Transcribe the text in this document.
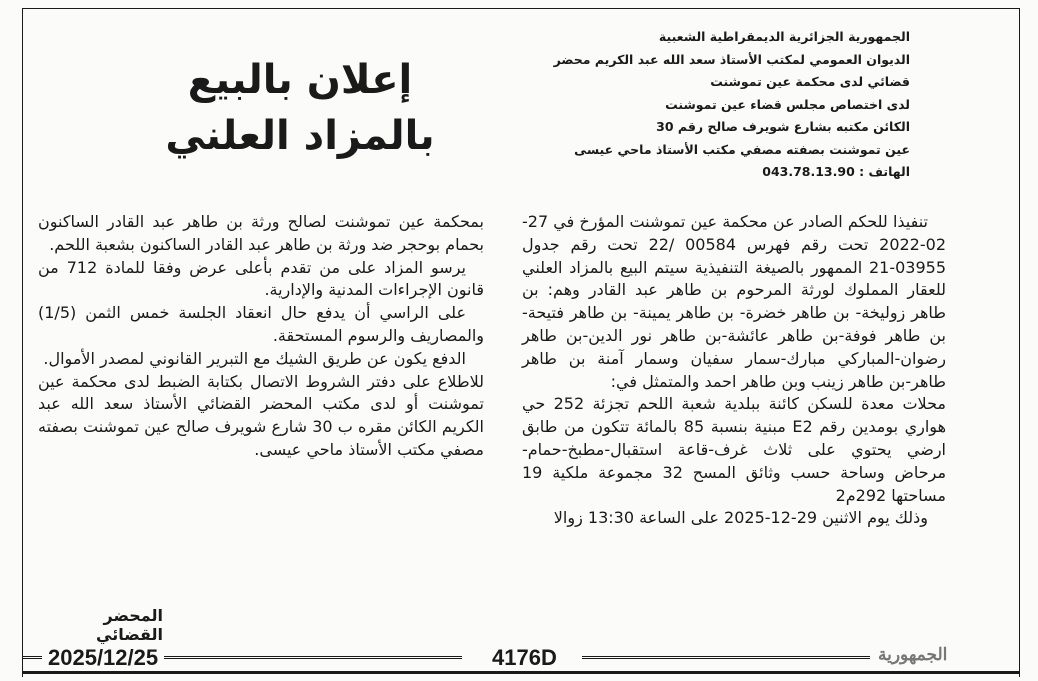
الجمهورية الجزائرية الديمقراطية الشعبية
الديوان العمومي لمكتب الأستاذ سعد الله عبد الكريم محضر
قضائي لدى محكمة عين تموشنت
لدى اختصاص مجلس قضاء عين تموشنت
الكائن مكتبه بشارع شويرف صالح رقم 30
عين تموشنت بصفته مصفي مكتب الأستاذ ماحي عيسى
الهاتف : 043.78.13.90
إعلان بالبيع
بالمزاد العلني

تنفيذا للحكم الصادر عن محكمة عين تموشنت المؤرخ في 27-02-2022 تحت رقم فهرس 00584 /22 تحت رقم جدول 03955-21 الممهور بالصيغة التنفيذية سيتم البيع بالمزاد العلني للعقار المملوك لورثة المرحوم بن طاهر عبد القادر وهم: بن طاهر زوليخة- بن طاهر خضرة- بن طاهر يمينة- بن طاهر فتيحة-بن طاهر فوفة-بن طاهر عائشة-بن طاهر نور الدين-بن طاهر رضوان-المباركي مبارك-سمار سفيان وسمار آمنة بن طاهر طاهر-بن طاهر زينب وبن طاهر احمد والمتمثل في:

محلات معدة للسكن كائنة ببلدية شعبة اللحم تجزئة 252 حي هواري بومدين رقم E2 مبنية بنسبة 85 بالمائة تتكون من طابق ارضي يحتوي على ثلاث غرف-قاعة استقبال-مطبخ-حمام-مرحاض وساحة حسب وثائق المسح 32 مجموعة ملكية 19 مساحتها 292م2

وذلك يوم الاثنين 29-12-2025 على الساعة 13:30 زوالا

بمحكمة عين تموشنت لصالح ورثة بن طاهر عبد القادر الساكنون بحمام بوحجر ضد ورثة بن طاهر عبد القادر الساكنون بشعبة اللحم.

يرسو المزاد على من تقدم بأعلى عرض وفقا للمادة 712 من قانون الإجراءات المدنية والإدارية.

على الراسي أن يدفع حال انعقاد الجلسة خمس الثمن (1/5) والمصاريف والرسوم المستحقة.

الدفع يكون عن طريق الشيك مع التبرير القانوني لمصدر الأموال.

للاطلاع على دفتر الشروط الاتصال بكتابة الضبط لدى محكمة عين تموشنت أو لدى مكتب المحضر القضائي الأستاذ سعد الله عبد الكريم الكائن مقره ب 30 شارع شويرف صالح عين تموشنت بصفته مصفي مكتب الأستاذ ماحي عيسى.

المحضر القضائي
2025/12/25	4176D	الجمهورية
